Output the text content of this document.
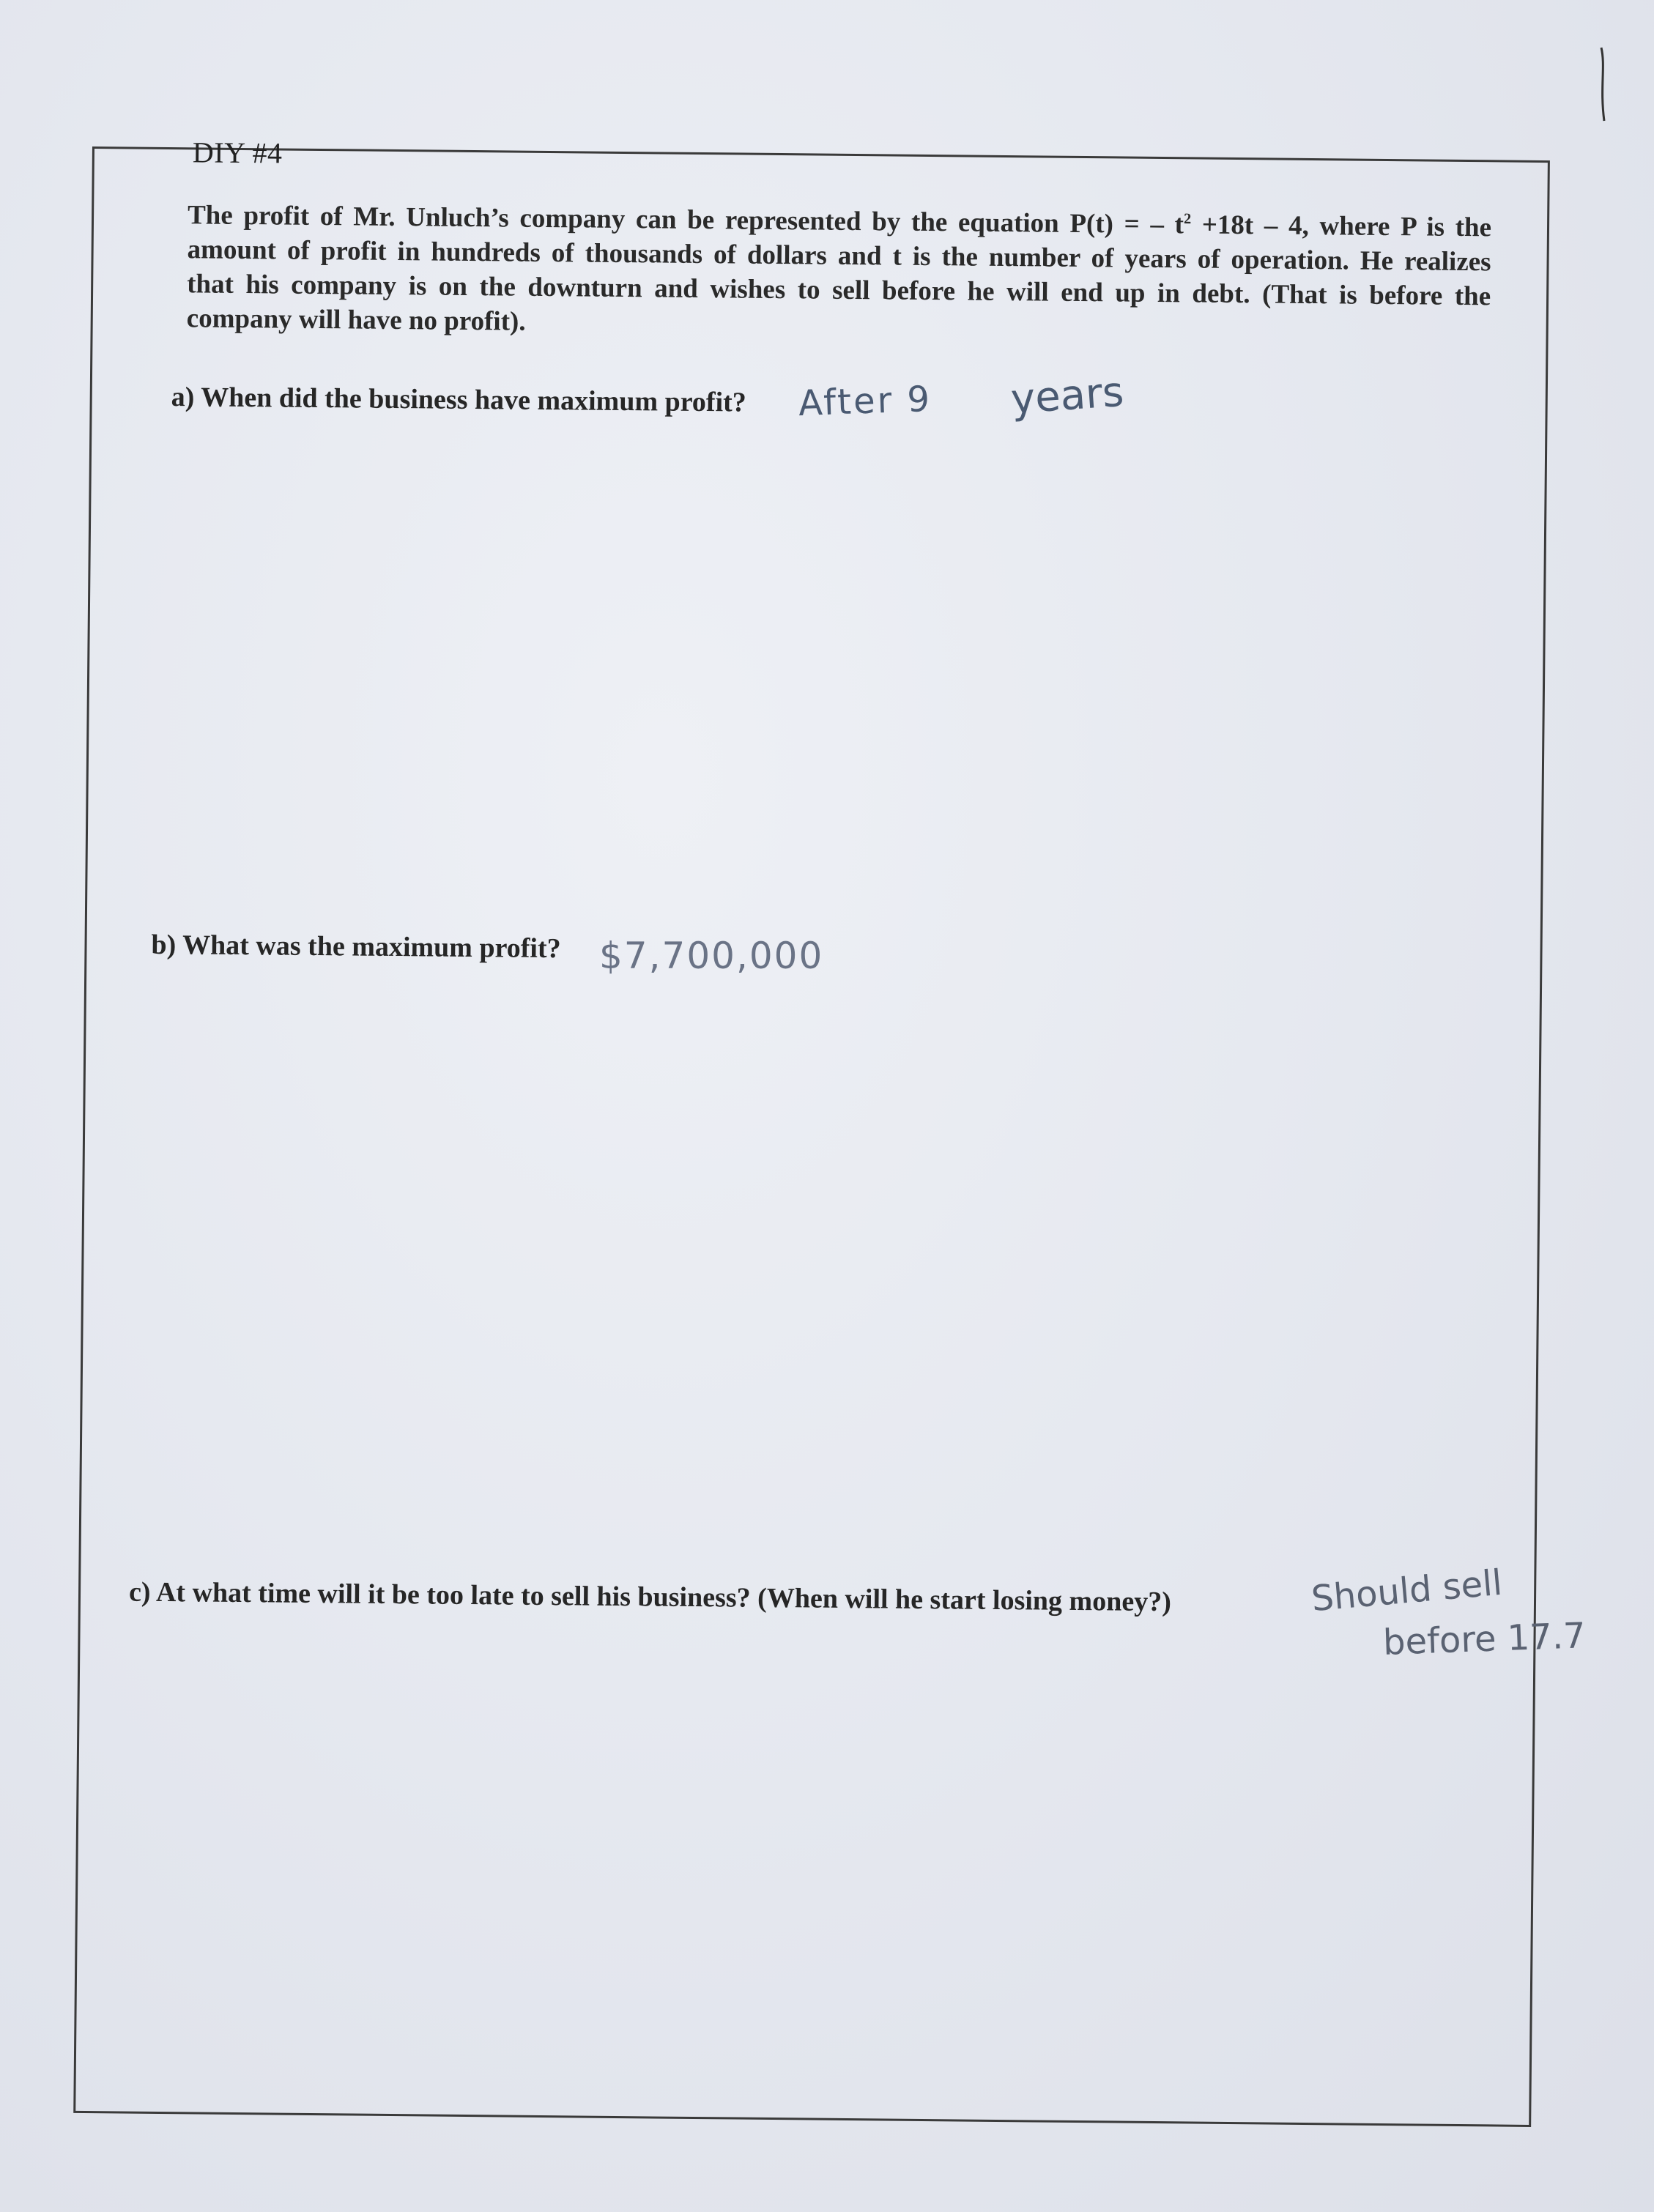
DIY #4
The profit of Mr. Unluch’s company can be represented by the equation P(t) = – $t^2 +18t - 4$, where P is the
amount of profit in hundreds of thousands of dollars and t is the number of years of operation. He realizes
that his company is on the downturn and wishes to sell before he will end up in debt. (That is before the
company will have no profit).
a) When did the business have maximum profit?
b) What was the maximum profit?
c) At what time will it be too late to sell his business? (When will he start losing money?)
After 9 years
$7,700,000
Should sell
before 17.7
